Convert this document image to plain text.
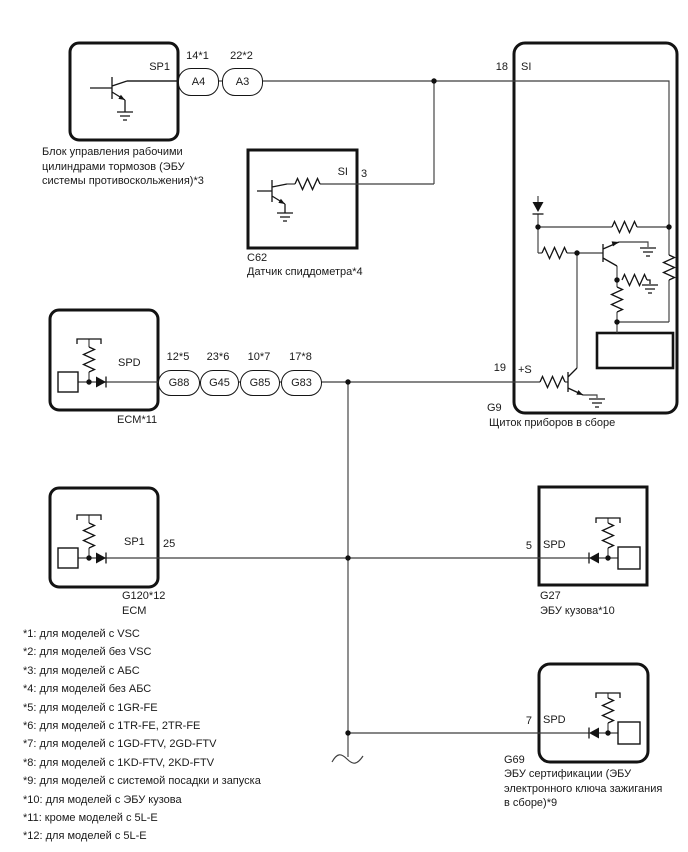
SP1
14*1	22*2
A4	A3
Блок управления рабочими
цилиндрами тормозов (ЭБУ
системы противоскольжения)*3
SI 3
C62
Датчик спиддометра*4
18 SI
19 +S
G9
Щиток приборов в сборе
SPD	12*5	23*6	10*7	17*8
G88	G45	G85	G83
ECM*11
SP1 25
G120*12
ECM
5 SPD
G27
ЭБУ кузова*10
7 SPD
G69
ЭБУ сертификации (ЭБУ
электронного ключа зажигания
в сборе)*9
*1: для моделей с VSC
*2: для моделей без VSC
*3: для моделей с АБС
*4: для моделей без АБС
*5: для моделей с 1GR-FE
*6: для моделей с 1TR-FE, 2TR-FE
*7: для моделей с 1GD-FTV, 2GD-FTV
*8: для моделей с 1KD-FTV, 2KD-FTV
*9: для моделей с системой посадки и запуска
*10: для моделей с ЭБУ кузова
*11: кроме моделей с 5L-E
*12: для моделей с 5L-E
